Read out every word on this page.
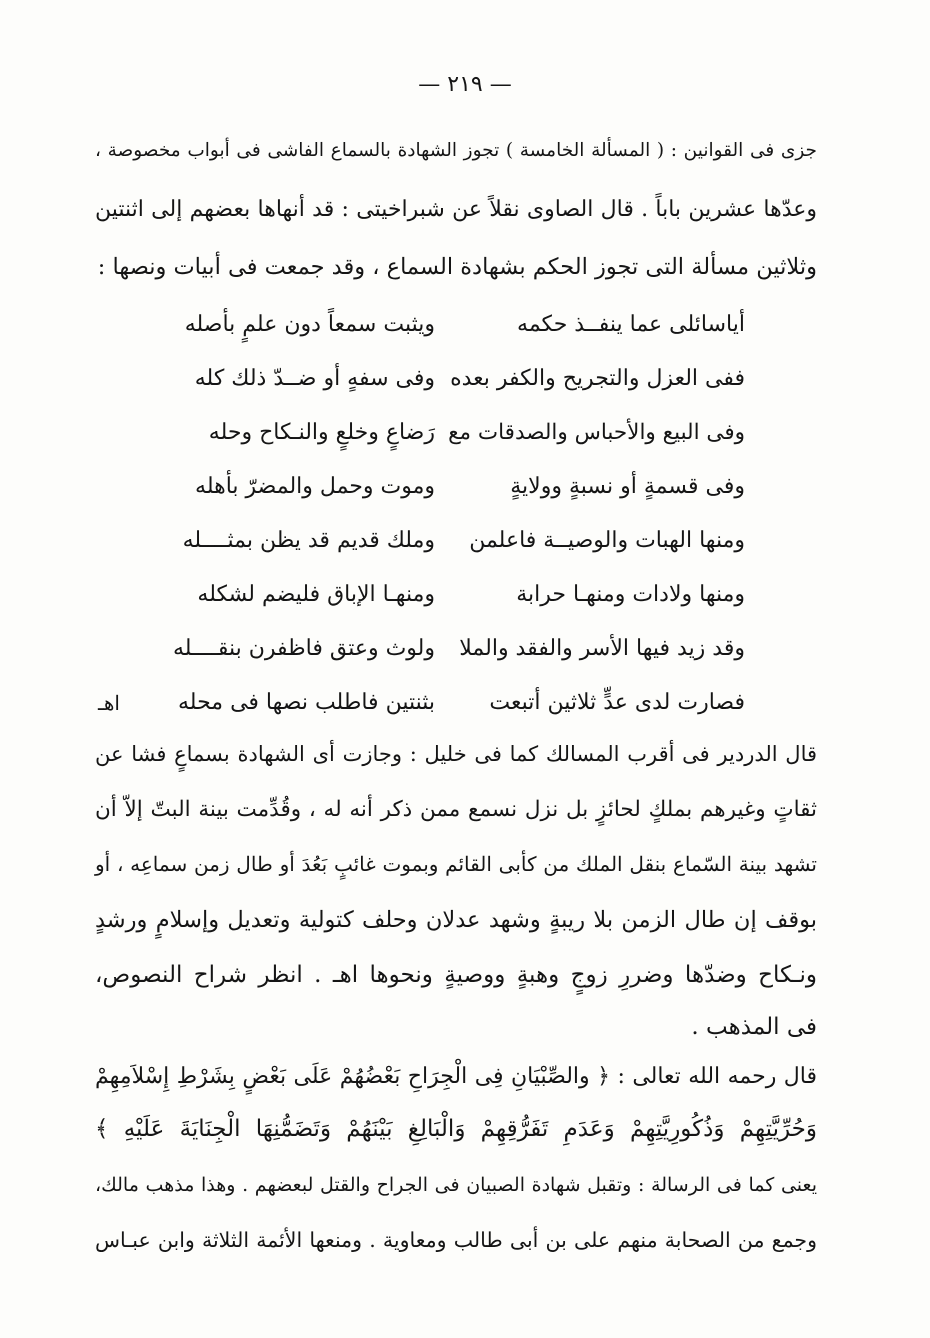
— ٢١٩ —
جزى فى القوانين : ( المسألة الخامسة ) تجوز الشهادة بالسماع الفاشى فى أبواب مخصوصة ،
وعدّها عشرين باباً . قال الصاوى نقلاً عن شبراخيتى : قد أنهاها بعضهم إلى اثنتين
وثلاثين مسألة التى تجوز الحكم بشهادة السماع ، وقد جمعت فى أبيات ونصها :
أياسائلى عما ينفــذ حكمه
ويثبت سمعاً دون علمٍ بأصله
ففى العزل والتجريح والكفر بعده
وفى سفهٍ أو ضــدّ ذلك كله
وفى البيع والأحباس والصدقات مع
رَضاعٍ وخلعٍ والنـكاح وحله
وفى قسمةٍ أو نسبةٍ وولايةٍ
وموت وحمل والمضرّ بأهله
ومنها الهبات والوصيــة فاعلمن
وملك قديم قد يظن بمثــــله
ومنها ولادات ومنهـا حرابة
ومنهـا الإباق فليضم لشكله
وقد زيد فيها الأسر والفقد والملا
ولوث وعتق فاظفرن بنقــــله
فصارت لدى عدٍّ ثلاثين أتبعت
بثنتين فاطلب نصها فى محله
اهـ
قال الدردير فى أقرب المسالك كما فى خليل : وجازت أى الشهادة بسماعٍ فشا عن
ثقاتٍ وغيرهم بملكٍ لحائزٍ بل نزل نسمع ممن ذكر أنه له ، وقُدِّمت بينة البتّ إلاّ أن
تشهد بينة السّماع بنقل الملك من كأبى القائم وبموت غائبٍ بَعُدَ أو طال زمن سماعِه ، أو
بوقف إن طال الزمن بلا ريبةٍ وشهد عدلان وحلف كتولية وتعديل وإسلامٍ ورشدٍ
ونـكاح وضدّها وضررِ زوجٍ وهبةٍ ووصيةٍ ونحوها اهـ . انظر شراح النصوص،
فى المذهب .
قال رحمه الله تعالى : ﴿ والصِّبْيَانِ فِى الْجِرَاحِ بَعْضُهُمْ عَلَى بَعْضٍ بِشَرْطِ إِسْلاَمِهِمْ
وَحُرِّيَّتِهِمْ وَذُكُورِيَّتِهِمْ وَعَدَمِ تَفَرُّقِهِمْ وَالْبَالِغِ بَيْنَهُمْ وَتَضَمُّنِهَا الْجِنَايَةَ عَلَيْهِ ﴾
يعنى كما فى الرسالة : وتقبل شهادة الصبيان فى الجراح والقتل لبعضهم . وهذا مذهب مالك،
وجمع من الصحابة منهم على بن أبى طالب ومعاوية . ومنعها الأئمة الثلاثة وابن عبـاس
